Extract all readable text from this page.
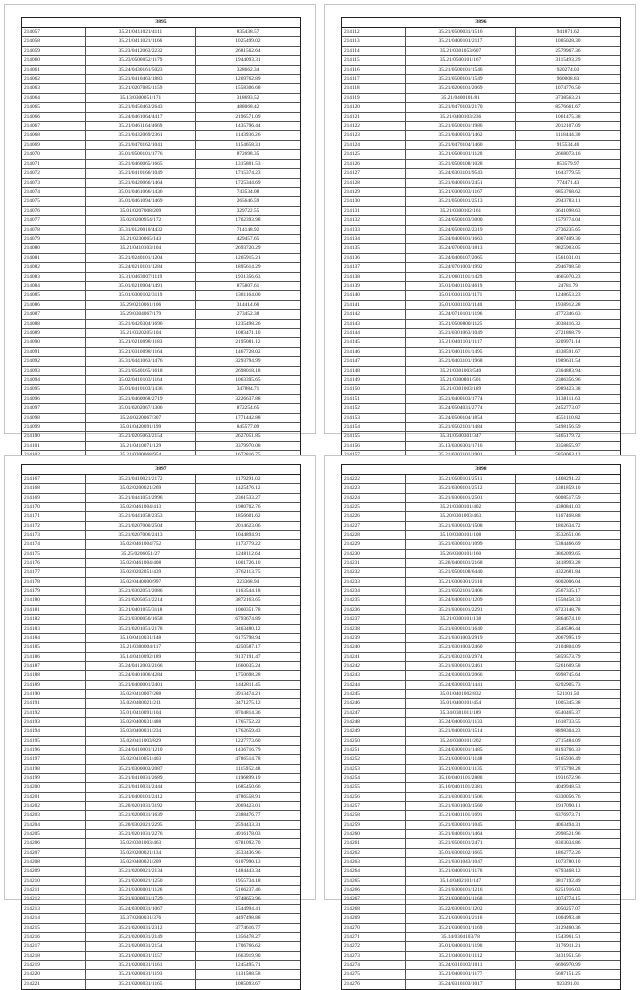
3895
214057	35.21/0411021/4111	835438.57
214058	35.21/0411021/1166	1025499.02
214059	35.23/0412063/2232	2681562.64
214060	35.23/0500052/1179	1944093.31
214061	35.24/0430161/5023	328662.34
214062	35.21/0410463/1883	1269762.89
214063	35.21/0207085/1159	1558306.68
214064	35.13/0300051/171	318693.52
214065	35.21/0450463/2643	488068.42
214066	35.24/0461064/4417	2196571.09
214067	35.21/0461164/4669	1435796.44
214068	35.21/0432069/2361	1143936.26
214069	35.21/0470162/1041	1154658.31
214070	35.01/0500101/1776	872698.35
214071	35.21/0460065/1665	1315801.53
214072	35.21/0410166/1049	1715374.23
214073	35.21/0420066/1464	1725344.69
214074	35.01/0461066/1436	743534.08
214075	35.01/0461094/1469	265646.59
214076	35.01/0207008/209	329722.55
214077	35.02/0200954/172	1762393.98
214078	35.31/0120010/4432	714148.92
214079	35.21/0230065/143	429457.65
214080	35.21/0410103/104	2693720.29
214081	35.21/0240101/1204	1265915.21
214082	35.24/0210101/1284	1895614.29
214083	35.31/0463007/1119	1931356.63
214084	35.01/0210904/1491	875807.61
214085	35.01/0300102/3119	1381164.00
214086	35.29/0210061/106	314414.66
214087	35.29/0304067/179	273452.38
214088	35.21/0420304/1696	1235498.26
214089	35.21/0320205/104	1083471.10
214090	35.21/0210098/1183	2195081.12
214091	35.21/0310098/1164	1467728.02
214092	35.31/0441063/1476	3293794.99
214093	35.21/0540165/1618	2698018.18
214094	35.02/0410103/1164	1063395.65
214095	35.01/0410103/1436	347884.71
214096	35.21/0460068/2719	3226637.88
214097	35.01/0202067/1306	872254.65
214098	35.24/0220067/307	1771442.88
214099	35.01/0420091/199	845577.09
214100	35.21/0205063/2154	2627051.85
214101	35.21/0410071/129	3379970.08
3896
214112	35.21/0500031/1516	941871.62
214113	35.21/0400101/2117	1005028.30
214114	35.21/0301053/607	2579967.36
214115	35.21/0500101/167	3115493.29
214116	35.21/0500101/1546	920274.03
214117	35.21/0500101/1549	960008.83
214118	35.21/0200101/2069	1074776.50
214119	35.21/0400101/81	3738563.21
214120	35.21/0470103/2170	8576661.67
214121	35.21/0400103/236	1061475.38
214122	35.21/0500101/1986	2012107.09
214123	35.21/0400103/1462	1118444.30
214124	35.21/0470104/1460	915534.46
214125	35.21/0500101/1120	2668073.16
214126	35.21/0500108/1028	853579.97
214127	35.24/0303101/9543	1643779.55
214128	35.21/0400101/2451	774471.43
214129	35.21/0300103/1167	6853768.62
214130	35.21/0500101/2513	2943783.11
214131	35.21/0300102/161	3641098.63
214132	35.24/0500103/3000	1579774.04
214133	35.24/0500102/2319	2736235.65
214134	35.24/0400101/1663	3007409.30
214135	35.24/0700103/1813	9825903.05
214136	35.24/0400107/2065	1561031.01
214137	35.24/0701003/1992	2946708.50
214138	35.21/0601101/1429	4665070.23
214139	35.01/0401103/4619	24781.79
214140	35.01/0301103/1171	1248653.23
214141	35.01/0301103/1140	1938912.28
214142	35.24/0710101/1196	4772346.63
214143	35.21/0500800/1125	3038416.32
214144	35.21/0301063/1049	2721868.79
214145	35.21/0401101/1117	3209971.14
214146	35.21/0401101/1495	4338591.67
214147	35.21/0403101/1968	1989631.54
214148	35.21/0301003/540	2304883.94
214149	35.21/0300801/501	2386356.96
214150	35.21/0301003/189	3989423.38
214151	35.21/0400103/1774	3138111.63
214152	35.24/0504031/2774	2452773.07
214153	35.24/0500104/1854	4551110.82
214154	35.21/0502101/1484	5498156.59
214155	35.31/0500301/347	5465179.72
214156	35.13/0300301/1716	3358855.97
3897
214167	35.21/0410021/2172	1179291.02
214168	35.02/0200021/269	1425476.12
214169	35.21/0441051/2996	2361533.27
214170	35.02/0461004/413	1980702.76
214171	35.21/0441058/2353	1856601.62
214172	35.21/0207000/2504	2014623.06
214173	35.21/0207006/2413	1044894.91
214174	35.02/0461004/752	1173779.22
214175	35.25/0206051/27	1248112.64
214176	35.02/0461004/408	1001726.10
214177	35.02/0202051/439	3762113.75
214178	35.02/0440000/997	223368.94
214179	35.21/0302051/2086	1163544.18
214180	35.21/0205051/2214	3872163.65
214181	35.21/0401055/3118	1060351.78
214182	35.21/0300056/1658	6793674.89
214183	35.21/0201051/2178	3463480.12
214184	35.10/0410031/148	6175798.94
214185	35.21/0300004/117	4250587.17
214186	35.14/0410092/189	9137191.47
214187	35.24/0412003/2166	1660035.24
214188	35.24/0401006/4284	1750698.28
214189	35.21/0400001/2401	1442811.45
214190	35.02/0410007/288	3913474.21
214191	35.02/0400021/211	3471275.12
214192	35.01/0410091/104	8704814.36
214193	35.02/0400031/488	1765752.22
214194	35.03/0400031/234	1762659.43
214195	35.02/0411003/829	1227773.60
214196	35.24/0410001/1210	1436716.79
214197	35.02/0410051/403	4786514.78
214198	35.21/0300003/2087	1115952.48
214199	35.21/0410031/2689	1196899.19
214200	35.21/0410031/2444	1685450.66
214201	35.21/0400101/2412	4786558.91
214202	35.20/0201031/3192	2069423.01
214203	35.21/0200031/1639	2388476.77
214204	35.20/0302021/2295	2594433.31
214205	35.21/0201031/2276	4916178.03
214206	35.02/0301003/463	6781092.70
214207	35.02/0200021/134	3533436.96
214208	35.02/0400021/209	6107990.13
214209	35.21/0200021/2134	1484443.34
214210	35.21/0200021/1250	1955734.18
214211	35.21/0300001/1126	5166237.46
214212	35.21/0300031/1729	9748653.96
214213	35.24/0300031/1067	1544994.41
214214	35.37/0200031/376	4497498.88
214215	35.21/0200031/2312	3774616.77
214216	35.21/0200031/2149	1356478.27
214217	35.21/0200031/2154	1706766.62
214218	35.21/0200031/1157	1663919.90
214219	35.21/0200031/1161	1245495.71
214220	35.21/0200031/1193	1131588.58
214221	35.21/0200031/1165	1085093.67
3898
214222	35.21/0500101/2511	1468291.22
214223	35.21/0300101/2512	3381859.10
214224	35.21/0300101/2501	6008517.59
214225	35.21/0300101/402	4380841.03
214226	35.20/0301003/463	1167468.88
214227	35.21/0300103/1508	1802634.72
214228	35.10/0300101/108	3532651.06
214229	35.21/0300101/1099	5384466.69
214230	35.26/0300101/160	3862099.65
214231	35.26/0400101/2168	3418993.28
214232	35.21/0500108/6440	4322681.84
214233	35.21/0300301/2110	6002006.04
214234	35.21/0502101/2406	2567335.17
214235	35.24/0400101/1209	1558458.33
214236	35.21/0300101/2291	6723148.78
214237	35.21/0300101/138	5864674.10
214238	35.21/0300101/1640	3546586.44
214239	35.21/0301003/2919	2067995.19
214240	35.21/0301003/2460	2104804.09
214241	35.21/0302103/2974	5859573.79
214242	35.21/0300101/2461	5261609.58
214243	35.24/0300103/2066	6998745.64
214244	35.24/0300103/1441	6292905.73
214245	35.01/0401002/832	521101.50
214246	35.01/0400101/454	1005345.38
214247	35.34/0301011/189	6540465.37
214248	35.24/0400103/1133	1618733.55
214249	35.21/0400103/1514	8898304.23
214250	35.24/0300101/202	2715484.09
214251	35.24/0300101/1485	8193766.33
214252	35.21/0300101/1148	5165936.49
214253	35.21/0300101/1135	9715798.28
214254	35.10/0401101/2880	1931672.96
214255	35.10/0401101/2381	4049948.53
214256	35.21/0300301/1506	6330056.76
214257	35.21/0301003/1560	1917090.11
214258	35.21/0401101/1691	6376973.71
214259	35.21/0300101/1045	4063494.31
214260	35.21/0400101/1464	2998521.96
214261	35.21/0500101/2471	8303034.86
214262	35.01/0300102/1665	1862772.26
214263	35.21/0301043/1047	1073780.10
214264	35.21/0400101/1176	6793468.12
214265	35.14/0402101/147	3817192.49
214266	35.21/0300101/1216	6251916.03
214267	35.21/0300101/1160	1074774.15
214268	35.22/0300101/1202	3050257.07
214269	35.21/0300101/2116	1004993.48
214270	35.21/0300101/1169	3129460.36
214271	35.14/0304103/78	1543961.51
214272	35.01/0400101/1190	3176911.21
214273	35.21/0400101/1112	3431951.56
214274	35.24/0310103/1011	6696970.99
214275	35.21/0400101/1177	5687151.25
214276	35.24/0310103/1017	923391.01
